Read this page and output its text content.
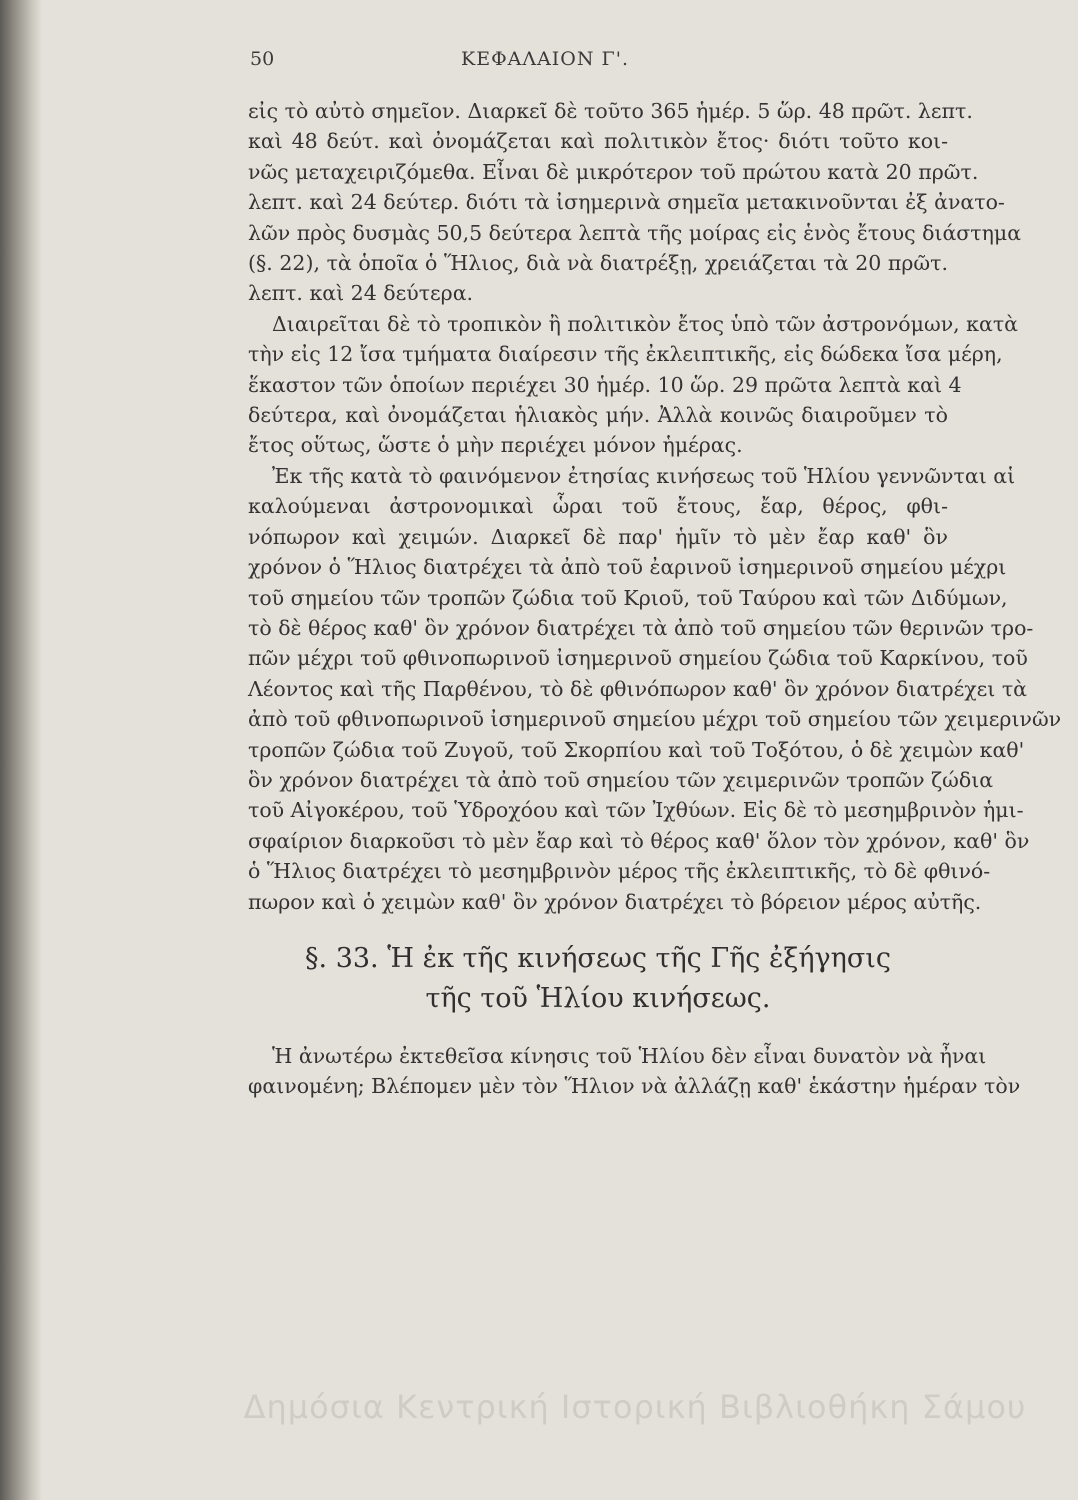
50	ΚΕΦΑΛΑΙΟΝ Γ'.

εἰς τὸ αὐτὸ σημεῖον. Διαρκεῖ δὲ τοῦτο 365 ἡμέρ. 5 ὥρ. 48 πρῶτ. λεπτ.
καὶ 48 δεύτ. καὶ ὀνομάζεται καὶ πολιτικὸν ἔτος· διότι τοῦτο κοι-
νῶς μεταχειριζόμεθα. Εἶναι δὲ μικρότερον τοῦ πρώτου κατὰ 20 πρῶτ.
λεπτ. καὶ 24 δεύτερ. διότι τὰ ἰσημερινὰ σημεῖα μετακινοῦνται ἐξ ἀνατο-
λῶν πρὸς δυσμὰς 50,5 δεύτερα λεπτὰ τῆς μοίρας εἰς ἑνὸς ἔτους διάστημα
(§. 22), τὰ ὁποῖα ὁ Ἥλιος, διὰ νὰ διατρέξῃ, χρειάζεται τὰ 20 πρῶτ.
λεπτ. καὶ 24 δεύτερα.

Διαιρεῖται δὲ τὸ τροπικὸν ἢ πολιτικὸν ἔτος ὑπὸ τῶν ἀστρονόμων, κατὰ
τὴν εἰς 12 ἴσα τμήματα διαίρεσιν τῆς ἐκλειπτικῆς, εἰς δώδεκα ἴσα μέρη,
ἕκαστον τῶν ὁποίων περιέχει 30 ἡμέρ. 10 ὥρ. 29 πρῶτα λεπτὰ καὶ 4
δεύτερα, καὶ ὀνομάζεται ἡλιακὸς μήν. Ἀλλὰ κοινῶς διαιροῦμεν τὸ
ἔτος οὕτως, ὥστε ὁ μὴν περιέχει μόνον ἡμέρας.

Ἐκ τῆς κατὰ τὸ φαινόμενον ἐτησίας κινήσεως τοῦ Ἡλίου γεννῶνται αἱ
καλούμεναι ἀστρονομικαὶ ὧραι τοῦ ἔτους, ἔαρ, θέρος, φθι-
νόπωρον καὶ χειμών. Διαρκεῖ δὲ παρ' ἡμῖν τὸ μὲν ἔαρ καθ' ὃν
χρόνον ὁ Ἥλιος διατρέχει τὰ ἀπὸ τοῦ ἐαρινοῦ ἰσημερινοῦ σημείου μέχρι
τοῦ σημείου τῶν τροπῶν ζώδια τοῦ Κριοῦ, τοῦ Ταύρου καὶ τῶν Διδύμων,
τὸ δὲ θέρος καθ' ὃν χρόνον διατρέχει τὰ ἀπὸ τοῦ σημείου τῶν θερινῶν τρο-
πῶν μέχρι τοῦ φθινοπωρινοῦ ἰσημερινοῦ σημείου ζώδια τοῦ Καρκίνου, τοῦ
Λέοντος καὶ τῆς Παρθένου, τὸ δὲ φθινόπωρον καθ' ὃν χρόνον διατρέχει τὰ
ἀπὸ τοῦ φθινοπωρινοῦ ἰσημερινοῦ σημείου μέχρι τοῦ σημείου τῶν χειμερινῶν
τροπῶν ζώδια τοῦ Ζυγοῦ, τοῦ Σκορπίου καὶ τοῦ Τοξότου, ὁ δὲ χειμὼν καθ'
ὃν χρόνον διατρέχει τὰ ἀπὸ τοῦ σημείου τῶν χειμερινῶν τροπῶν ζώδια
τοῦ Αἰγοκέρου, τοῦ Ὑδροχόου καὶ τῶν Ἰχθύων. Εἰς δὲ τὸ μεσημβρινὸν ἡμι-
σφαίριον διαρκοῦσι τὸ μὲν ἔαρ καὶ τὸ θέρος καθ' ὅλον τὸν χρόνον, καθ' ὃν
ὁ Ἥλιος διατρέχει τὸ μεσημβρινὸν μέρος τῆς ἐκλειπτικῆς, τὸ δὲ φθινό-
πωρον καὶ ὁ χειμὼν καθ' ὃν χρόνον διατρέχει τὸ βόρειον μέρος αὐτῆς.

§. 33. Ἡ ἐκ τῆς κινήσεως τῆς Γῆς ἐξήγησις
τῆς τοῦ Ἡλίου κινήσεως.

Ἡ ἀνωτέρω ἐκτεθεῖσα κίνησις τοῦ Ἡλίου δὲν εἶναι δυνατὸν νὰ ἦναι
φαινομένη; Βλέπομεν μὲν τὸν Ἥλιον νὰ ἀλλάζῃ καθ' ἑκάστην ἡμέραν τὸν

Δημόσια Κεντρική Ιστορική Βιβλιοθήκη Σάμου
